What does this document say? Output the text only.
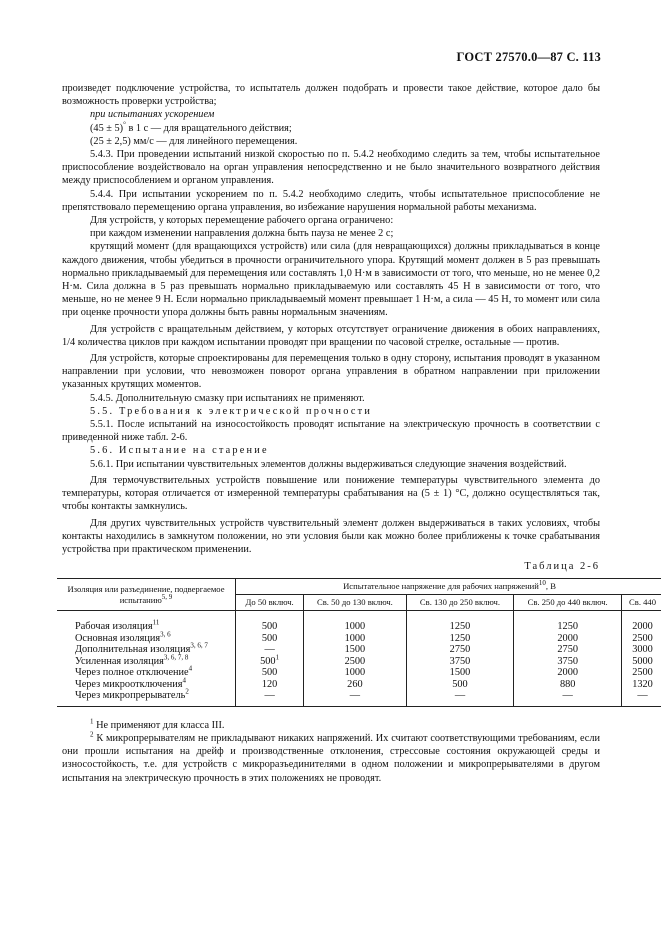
ГОСТ 27570.0—87 С. 113

произведет подключение устройства, то испытатель должен подобрать и провести такое действие, которое дало бы возможность проверки устройства;

при испытаниях ускорением

(45 ± 5)° в 1 с — для вращательного действия;

(25 ± 2,5) мм/с — для линейного перемещения.

5.4.3. При проведении испытаний низкой скоростью по п. 5.4.2 необходимо следить за тем, чтобы испытательное приспособление воздействовало на орган управления непосредственно и не было значительного возвратного действия между приспособлением и органом управления.

5.4.4. При испытании ускорением по п. 5.4.2 необходимо следить, чтобы испытательное приспособление не препятствовало перемещению органа управления, во избежание нарушения нормальной работы механизма.

Для устройств, у которых перемещение рабочего органа ограничено:

при каждом изменении направления должна быть пауза не менее 2 с;

крутящий момент (для вращающихся устройств) или сила (для невращающихся) должны прикладываться в конце каждого движения, чтобы убедиться в прочности ограничительного упора. Крутящий момент должен в 5 раз превышать нормально прикладываемый для перемещения или составлять 1,0 Н·м в зависимости от того, что меньше, но не менее 0,2 Н·м. Сила должна в 5 раз превышать нормально прикладываемую или составлять 45 Н в зависимости от того, что меньше, но не менее 9 Н. Если нормально прикладываемый момент превышает 1 Н·м, а сила — 45 Н, то момент или сила при оценке прочности упора должны быть равны нормальным значениям.

Для устройств с вращательным действием, у которых отсутствует ограничение движения в обоих направлениях, 1/4 количества циклов при каждом испытании проводят при вращении по часовой стрелке, остальные — против.

Для устройств, которые спроектированы для перемещения только в одну сторону, испытания проводят в указанном направлении при условии, что невозможен поворот органа управления в обратном направлении при приложении указанных крутящих моментов.

5.4.5. Дополнительную смазку при испытаниях не применяют.

5.5. Требования к электрической прочности

5.5.1. После испытаний на износостойкость проводят испытание на электрическую прочность в соответствии с приведенной ниже табл. 2-6.

5.6. Испытание на старение

5.6.1. При испытании чувствительных элементов должны выдерживаться следующие значения воздействий.

Для термочувствительных устройств повышение или понижение температуры чувствительного элемента до температуры, которая отличается от измеренной температуры срабатывания на (5 ± 1) °C, должно осуществляться так, чтобы контакты замкнулись.

Для других чувствительных устройств чувствительный элемент должен выдерживаться в таких условиях, чтобы контакты находились в замкнутом положении, но эти условия были как можно более приближены к точке срабатывания устройства при практическом применении.

Таблица 2-6
Изоляция или разъединение, подвергаемое испытанию$^{5, 9}$	Испытательное напряжение для рабочих напряжений$^{10}$, В				
	До 50 включ.	Св. 50 до 130 включ.	Св. 130 до 250 включ.	Св. 250 до 440 включ.	Св. 440
Рабочая изоляция$^{11}$	500	1000	1250	1250	2000
Основная изоляция$^{3, 6}$	500	1000	1250	2000	2500
Дополнительная изоляция$^{3, 6, 7}$	—	1500	2750	2750	3000
Усиленная изоляция$^{3, 6, 7, 8}$	$500^1$	2500	3750	3750	5000
Через полное отключение$^4$	500	1000	1500	2000	2500
Через микроотключения$^4$	120	260	500	880	1320
Через микропрерыватель$^2$	—	—	—	—	—

$^1$ Не применяют для класса III.

$^2$ К микропрерывателям не прикладывают никаких напряжений. Их считают соответствующими требованиям, если они прошли испытания на дрейф и производственные отклонения, стрессовые состояния окружающей среды и износостойкость, т.е. для устройств с микроразъединителями в одном положении и микропрерывателями в другом испытания на электрическую прочность в этих положениях не проводят.
